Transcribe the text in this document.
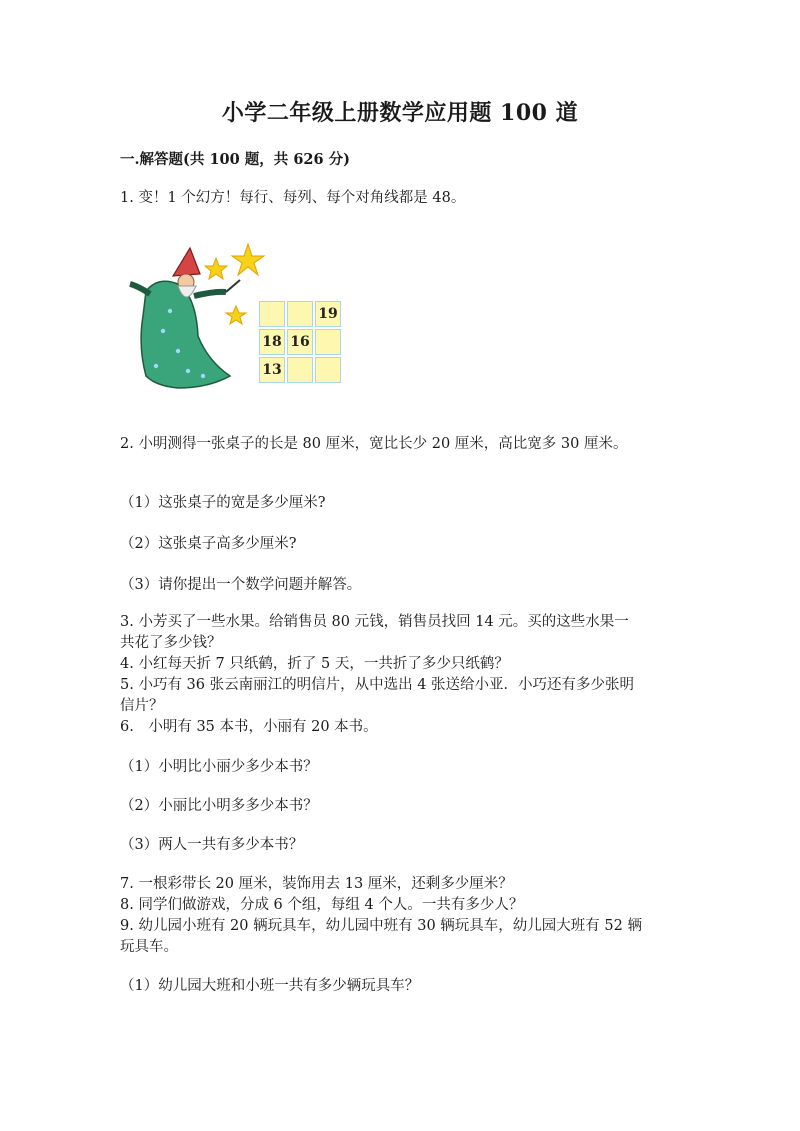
小学二年级上册数学应用题 100 道
一.解答题(共 100 题，共 626 分)
1. 变！1 个幻方！每行、每列、每个对角线都是 48。
19
18 16
13
2. 小明测得一张桌子的长是 80 厘米，宽比长少 20 厘米，高比宽多 30 厘米。
（1）这张桌子的宽是多少厘米?
（2）这张桌子高多少厘米?
（3）请你提出一个数学问题并解答。
3. 小芳买了一些水果。给销售员 80 元钱，销售员找回 14 元。买的这些水果一
共花了多少钱？
4. 小红每天折 7 只纸鹤，折了 5 天，一共折了多少只纸鹤？
5. 小巧有 36 张云南丽江的明信片，从中选出 4 张送给小亚．小巧还有多少张明
信片？
6.　小明有 35 本书，小丽有 20 本书。
（1）小明比小丽少多少本书？
（2）小丽比小明多多少本书？
（3）两人一共有多少本书？
7. 一根彩带长 20 厘米，装饰用去 13 厘米，还剩多少厘米？
8. 同学们做游戏，分成 6 个组，每组 4 个人。一共有多少人？
9. 幼儿园小班有 20 辆玩具车，幼儿园中班有 30 辆玩具车，幼儿园大班有 52 辆
玩具车。
（1）幼儿园大班和小班一共有多少辆玩具车？
